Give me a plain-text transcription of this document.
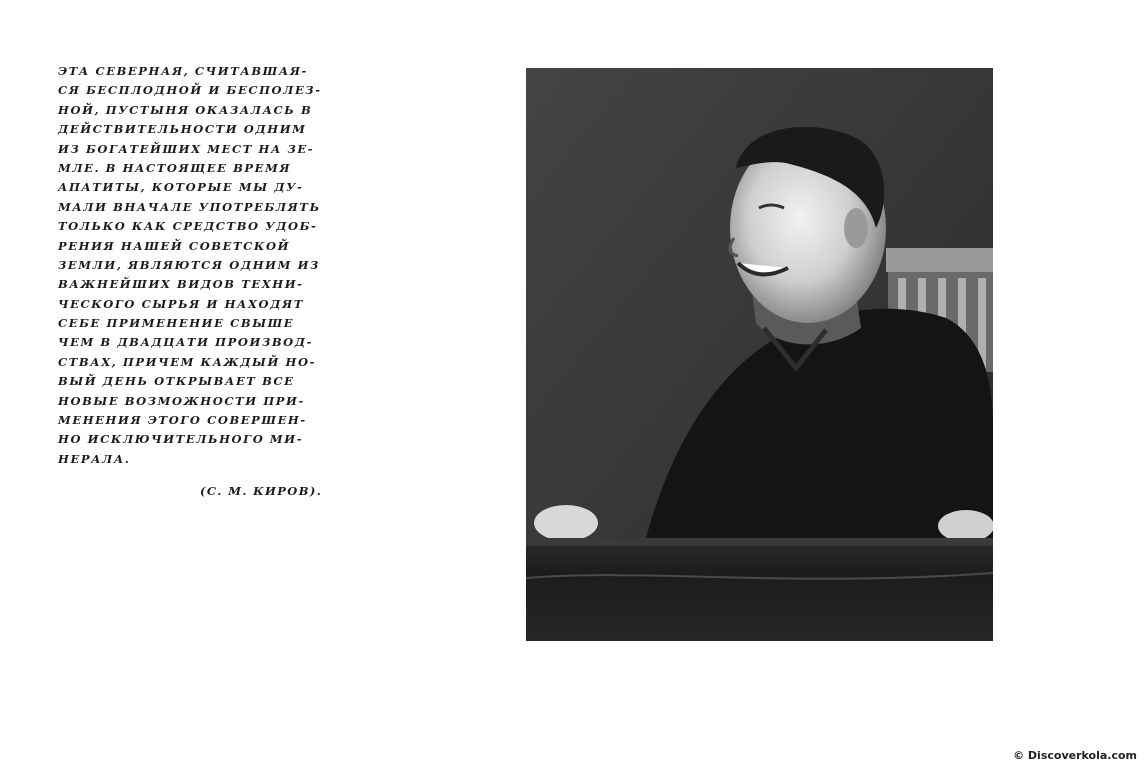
ЭТА СЕВЕРНАЯ, СЧИТАВШАЯ-
СЯ БЕСПЛОДНОЙ И БЕСПОЛЕЗ-
НОЙ, ПУСТЫНЯ ОКАЗАЛАСЬ В
ДЕЙСТВИТЕЛЬНОСТИ ОДНИМ
ИЗ БОГАТЕЙШИХ МЕСТ НА ЗЕ-
МЛЕ. В НАСТОЯЩЕЕ ВРЕМЯ
АПАТИТЫ, КОТОРЫЕ МЫ ДУ-
МАЛИ ВНАЧАЛЕ УПОТРЕБЛЯТЬ
ТОЛЬКО КАК СРЕДСТВО УДОБ-
РЕНИЯ НАШЕЙ СОВЕТСКОЙ
ЗЕМЛИ, ЯВЛЯЮТСЯ ОДНИМ ИЗ
ВАЖНЕЙШИХ ВИДОВ ТЕХНИ-
ЧЕСКОГО СЫРЬЯ И НАХОДЯТ
СЕБЕ ПРИМЕНЕНИЕ СВЫШЕ
ЧЕМ В ДВАДЦАТИ ПРОИЗВОД-
СТВАХ, ПРИЧЕМ КАЖДЫЙ НО-
ВЫЙ ДЕНЬ ОТКРЫВАЕТ ВСЕ
НОВЫЕ ВОЗМОЖНОСТИ ПРИ-
МЕНЕНИЯ ЭТОГО СОВЕРШЕН-
НО ИСКЛЮЧИТЕЛЬНОГО МИ-
НЕРАЛА.
(С. М. КИРОВ).
© Discoverkola.com
